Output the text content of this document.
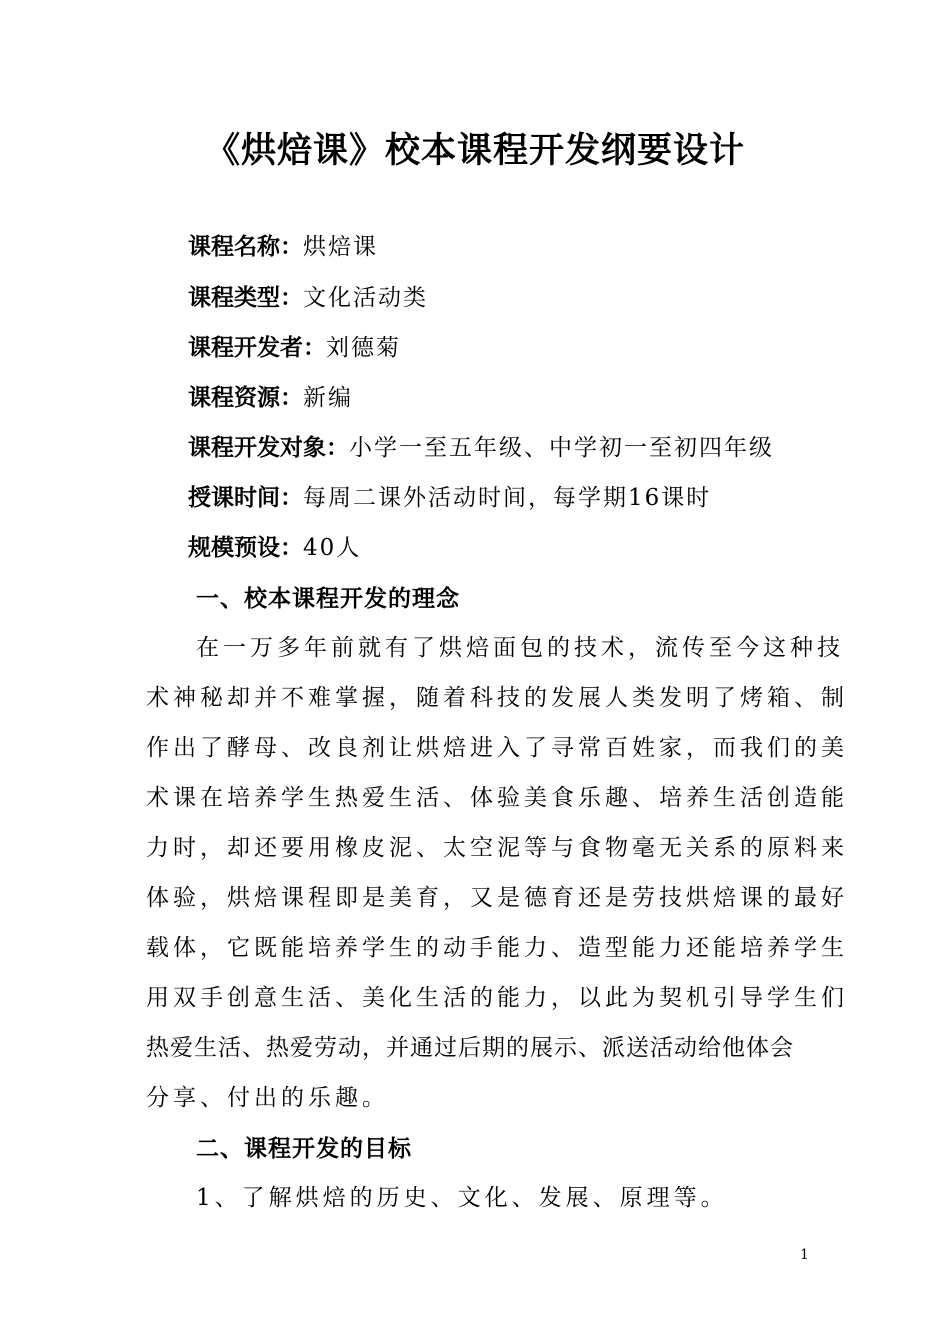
《烘焙课》校本课程开发纲要设计
课程名称：烘焙课
课程类型：文化活动类
课程开发者：刘德菊
课程资源：新编
课程开发对象：小学一至五年级、中学初一至初四年级
授课时间：每周二课外活动时间，每学期16课时
规模预设：40人
一、校本课程开发的理念
在一万多年前就有了烘焙面包的技术，流传至今这种技
术神秘却并不难掌握，随着科技的发展人类发明了烤箱、制
作出了酵母、改良剂让烘焙进入了寻常百姓家，而我们的美
术课在培养学生热爱生活、体验美食乐趣、培养生活创造能
力时，却还要用橡皮泥、太空泥等与食物毫无关系的原料来
体验，烘焙课程即是美育，又是德育还是劳技烘焙课的最好
载体，它既能培养学生的动手能力、造型能力还能培养学生
用双手创意生活、美化生活的能力，以此为契机引导学生们
热爱生活、热爱劳动，并通过后期的展示、派送活动给他体会
分享、付出的乐趣。
二、课程开发的目标
1、了解烘焙的历史、文化、发展、原理等。
1
